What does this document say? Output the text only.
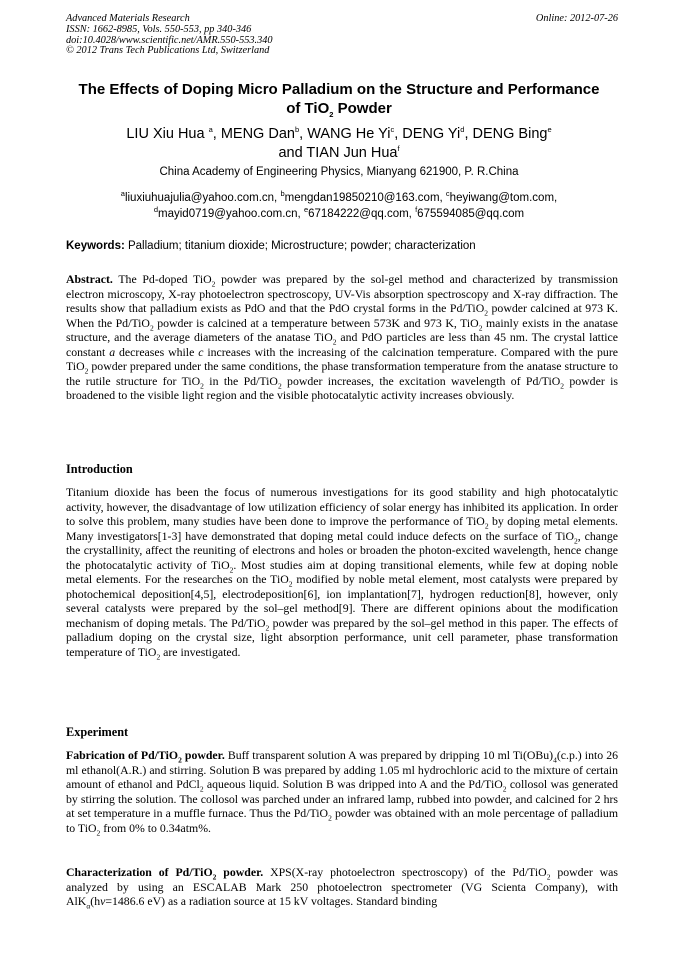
Advanced Materials Research
ISSN: 1662-8985, Vols. 550-553, pp 340-346
doi:10.4028/www.scientific.net/AMR.550-553.340
© 2012 Trans Tech Publications Ltd, Switzerland
Online: 2012-07-26
The Effects of Doping Micro Palladium on the Structure and Performance
of TiO$_2$ Powder
LIU Xiu Hua $^a$, MENG Dan$^b$, WANG He Yi$^c$, DENG Yi$^d$, DENG Bing$^e$
and TIAN Jun Hua$^f$
China Academy of Engineering Physics, Mianyang 621900, P. R.China
$^a$liuxiuhuajulia@yahoo.com.cn, $^b$mengdan19850210@163.com, $^c$heyiwang@tom.com,
$^d$mayid0719@yahoo.com.cn, $^e$67184222@qq.com, $^f$675594085@qq.com
Keywords: Palladium; titanium dioxide; Microstructure; powder; characterization
Abstract. The Pd-doped TiO$_2$ powder was prepared by the sol-gel method and characterized by transmission electron microscopy, X-ray photoelectron spectroscopy, UV-Vis absorption spectroscopy and X-ray diffraction. The results show that palladium exists as PdO and that the PdO crystal forms in the Pd/TiO$_2$ powder calcined at 973 K. When the Pd/TiO$_2$ powder is calcined at a temperature between 573K and 973 K, TiO$_2$ mainly exists in the anatase structure, and the average diameters of the anatase TiO$_2$ and PdO particles are less than 45 nm. The crystal lattice constant a decreases while c increases with the increasing of the calcination temperature. Compared with the pure TiO$_2$ powder prepared under the same conditions, the phase transformation temperature from the anatase structure to the rutile structure for TiO$_2$ in the Pd/TiO$_2$ powder increases, the excitation wavelength of Pd/TiO$_2$ powder is broadened to the visible light region and the visible photocatalytic activity increases obviously.
Introduction
Titanium dioxide has been the focus of numerous investigations for its good stability and high photocatalytic activity, however, the disadvantage of low utilization efficiency of solar energy has inhibited its application. In order to solve this problem, many studies have been done to improve the performance of TiO$_2$ by doping metal elements. Many investigators[1-3] have demonstrated that doping metal could induce defects on the surface of TiO$_2$, change the crystallinity, affect the reuniting of electrons and holes or broaden the photon-excited wavelength, hence change the photocatalytic activity of TiO$_2$. Most studies aim at doping transitional elements, while few at doping noble metal elements. For the researches on the TiO$_2$ modified by noble metal element, most catalysts were prepared by photochemical deposition[4,5], electrodeposition[6], ion implantation[7], hydrogen reduction[8], however, only several catalysts were prepared by the sol–gel method[9]. There are different opinions about the modification mechanism of doping metals. The Pd/TiO$_2$ powder was prepared by the sol–gel method in this paper. The effects of palladium doping on the crystal size, light absorption performance, unit cell parameter, phase transformation temperature of TiO$_2$ are investigated.
Experiment
Fabrication of Pd/TiO$_2$ powder. Buff transparent solution A was prepared by dripping 10 ml $Ti(OBu)_4(c.p.)$ into 26 ml ethanol(A.R.) and stirring. Solution B was prepared by adding 1.05 ml hydrochloric acid to the mixture of certain amount of ethanol and PdCl$_2$ aqueous liquid. Solution B was dripped into A and the Pd/TiO$_2$ collosol was generated by stirring the solution. The collosol was parched under an infrared lamp, rubbed into powder, and calcined for 2 hrs at set temperature in a muffle furnace. Thus the Pd/TiO$_2$ powder was obtained with an mole percentage of palladium to TiO$_2$ from 0% to 0.34atm%.
Characterization of Pd/TiO$_2$ powder. XPS(X-ray photoelectron spectroscopy) of the Pd/TiO$_2$ powder was analyzed by using an ESCALAB Mark 250 photoelectron spectrometer (VG Scienta Company), with AlK$_\alpha$(hv=1486.6 eV) as a radiation source at 15 kV voltages. Standard binding
